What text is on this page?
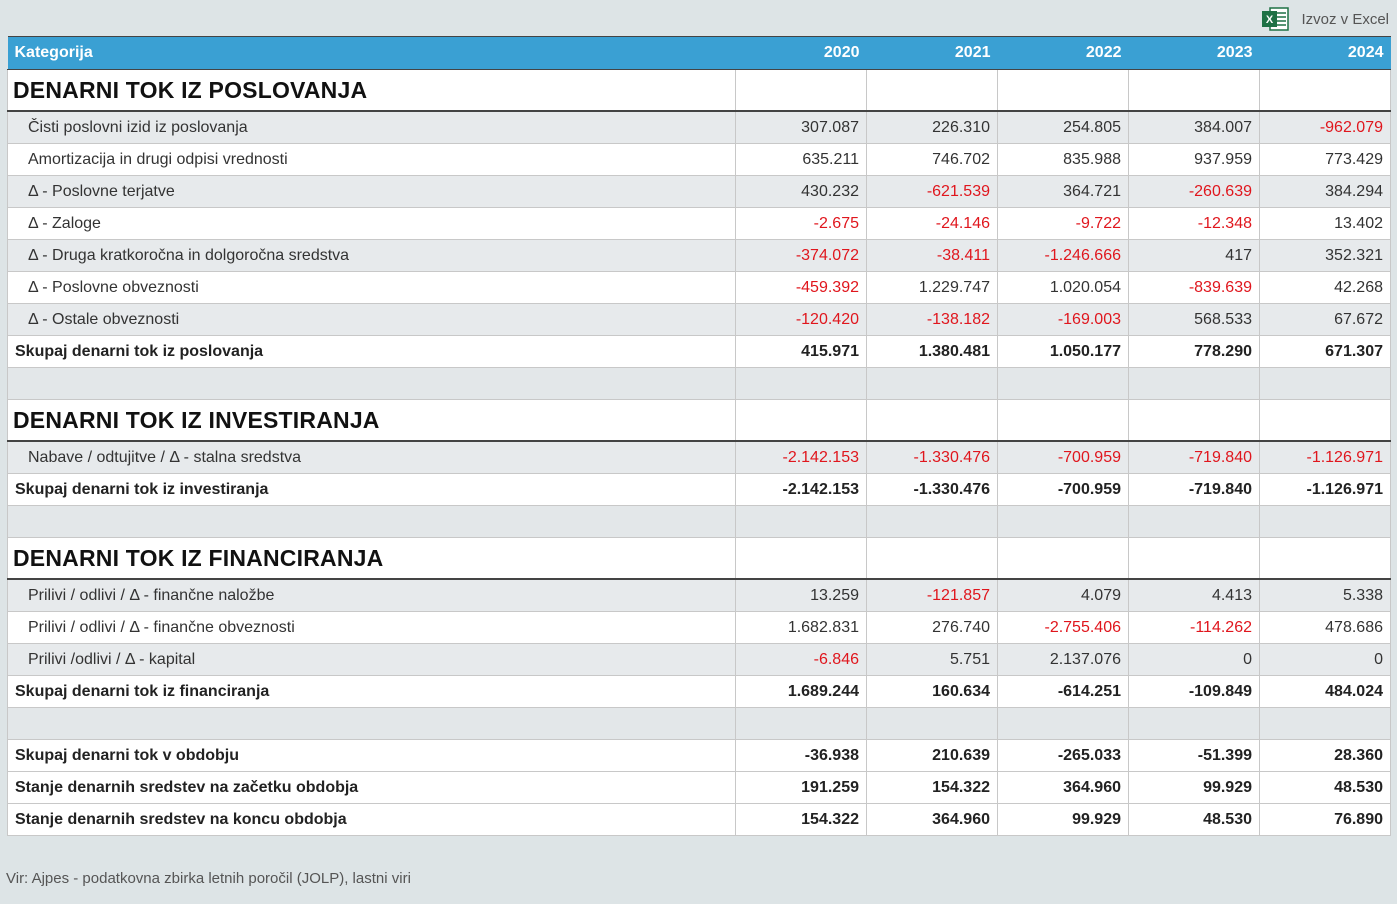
X Izvoz v Excel
Kategorija	2020	2021	2022	2023	2024
DENARNI TOK IZ POSLOVANJA					
Čisti poslovni izid iz poslovanja	307.087	226.310	254.805	384.007	-962.079
Amortizacija in drugi odpisi vrednosti	635.211	746.702	835.988	937.959	773.429
Δ - Poslovne terjatve	430.232	-621.539	364.721	-260.639	384.294
Δ - Zaloge	-2.675	-24.146	-9.722	-12.348	13.402
Δ - Druga kratkoročna in dolgoročna sredstva	-374.072	-38.411	-1.246.666	417	352.321
Δ - Poslovne obveznosti	-459.392	1.229.747	1.020.054	-839.639	42.268
Δ - Ostale obveznosti	-120.420	-138.182	-169.003	568.533	67.672
Skupaj denarni tok iz poslovanja	415.971	1.380.481	1.050.177	778.290	671.307

DENARNI TOK IZ INVESTIRANJA					
Nabave / odtujitve / Δ - stalna sredstva	-2.142.153	-1.330.476	-700.959	-719.840	-1.126.971
Skupaj denarni tok iz investiranja	-2.142.153	-1.330.476	-700.959	-719.840	-1.126.971

DENARNI TOK IZ FINANCIRANJA					
Prilivi / odlivi / Δ - finančne naložbe	13.259	-121.857	4.079	4.413	5.338
Prilivi / odlivi / Δ - finančne obveznosti	1.682.831	276.740	-2.755.406	-114.262	478.686
Prilivi /odlivi / Δ - kapital	-6.846	5.751	2.137.076	0	0
Skupaj denarni tok iz financiranja	1.689.244	160.634	-614.251	-109.849	484.024

Skupaj denarni tok v obdobju	-36.938	210.639	-265.033	-51.399	28.360
Stanje denarnih sredstev na začetku obdobja	191.259	154.322	364.960	99.929	48.530
Stanje denarnih sredstev na koncu obdobja	154.322	364.960	99.929	48.530	76.890
Vir: Ajpes - podatkovna zbirka letnih poročil (JOLP), lastni viri
